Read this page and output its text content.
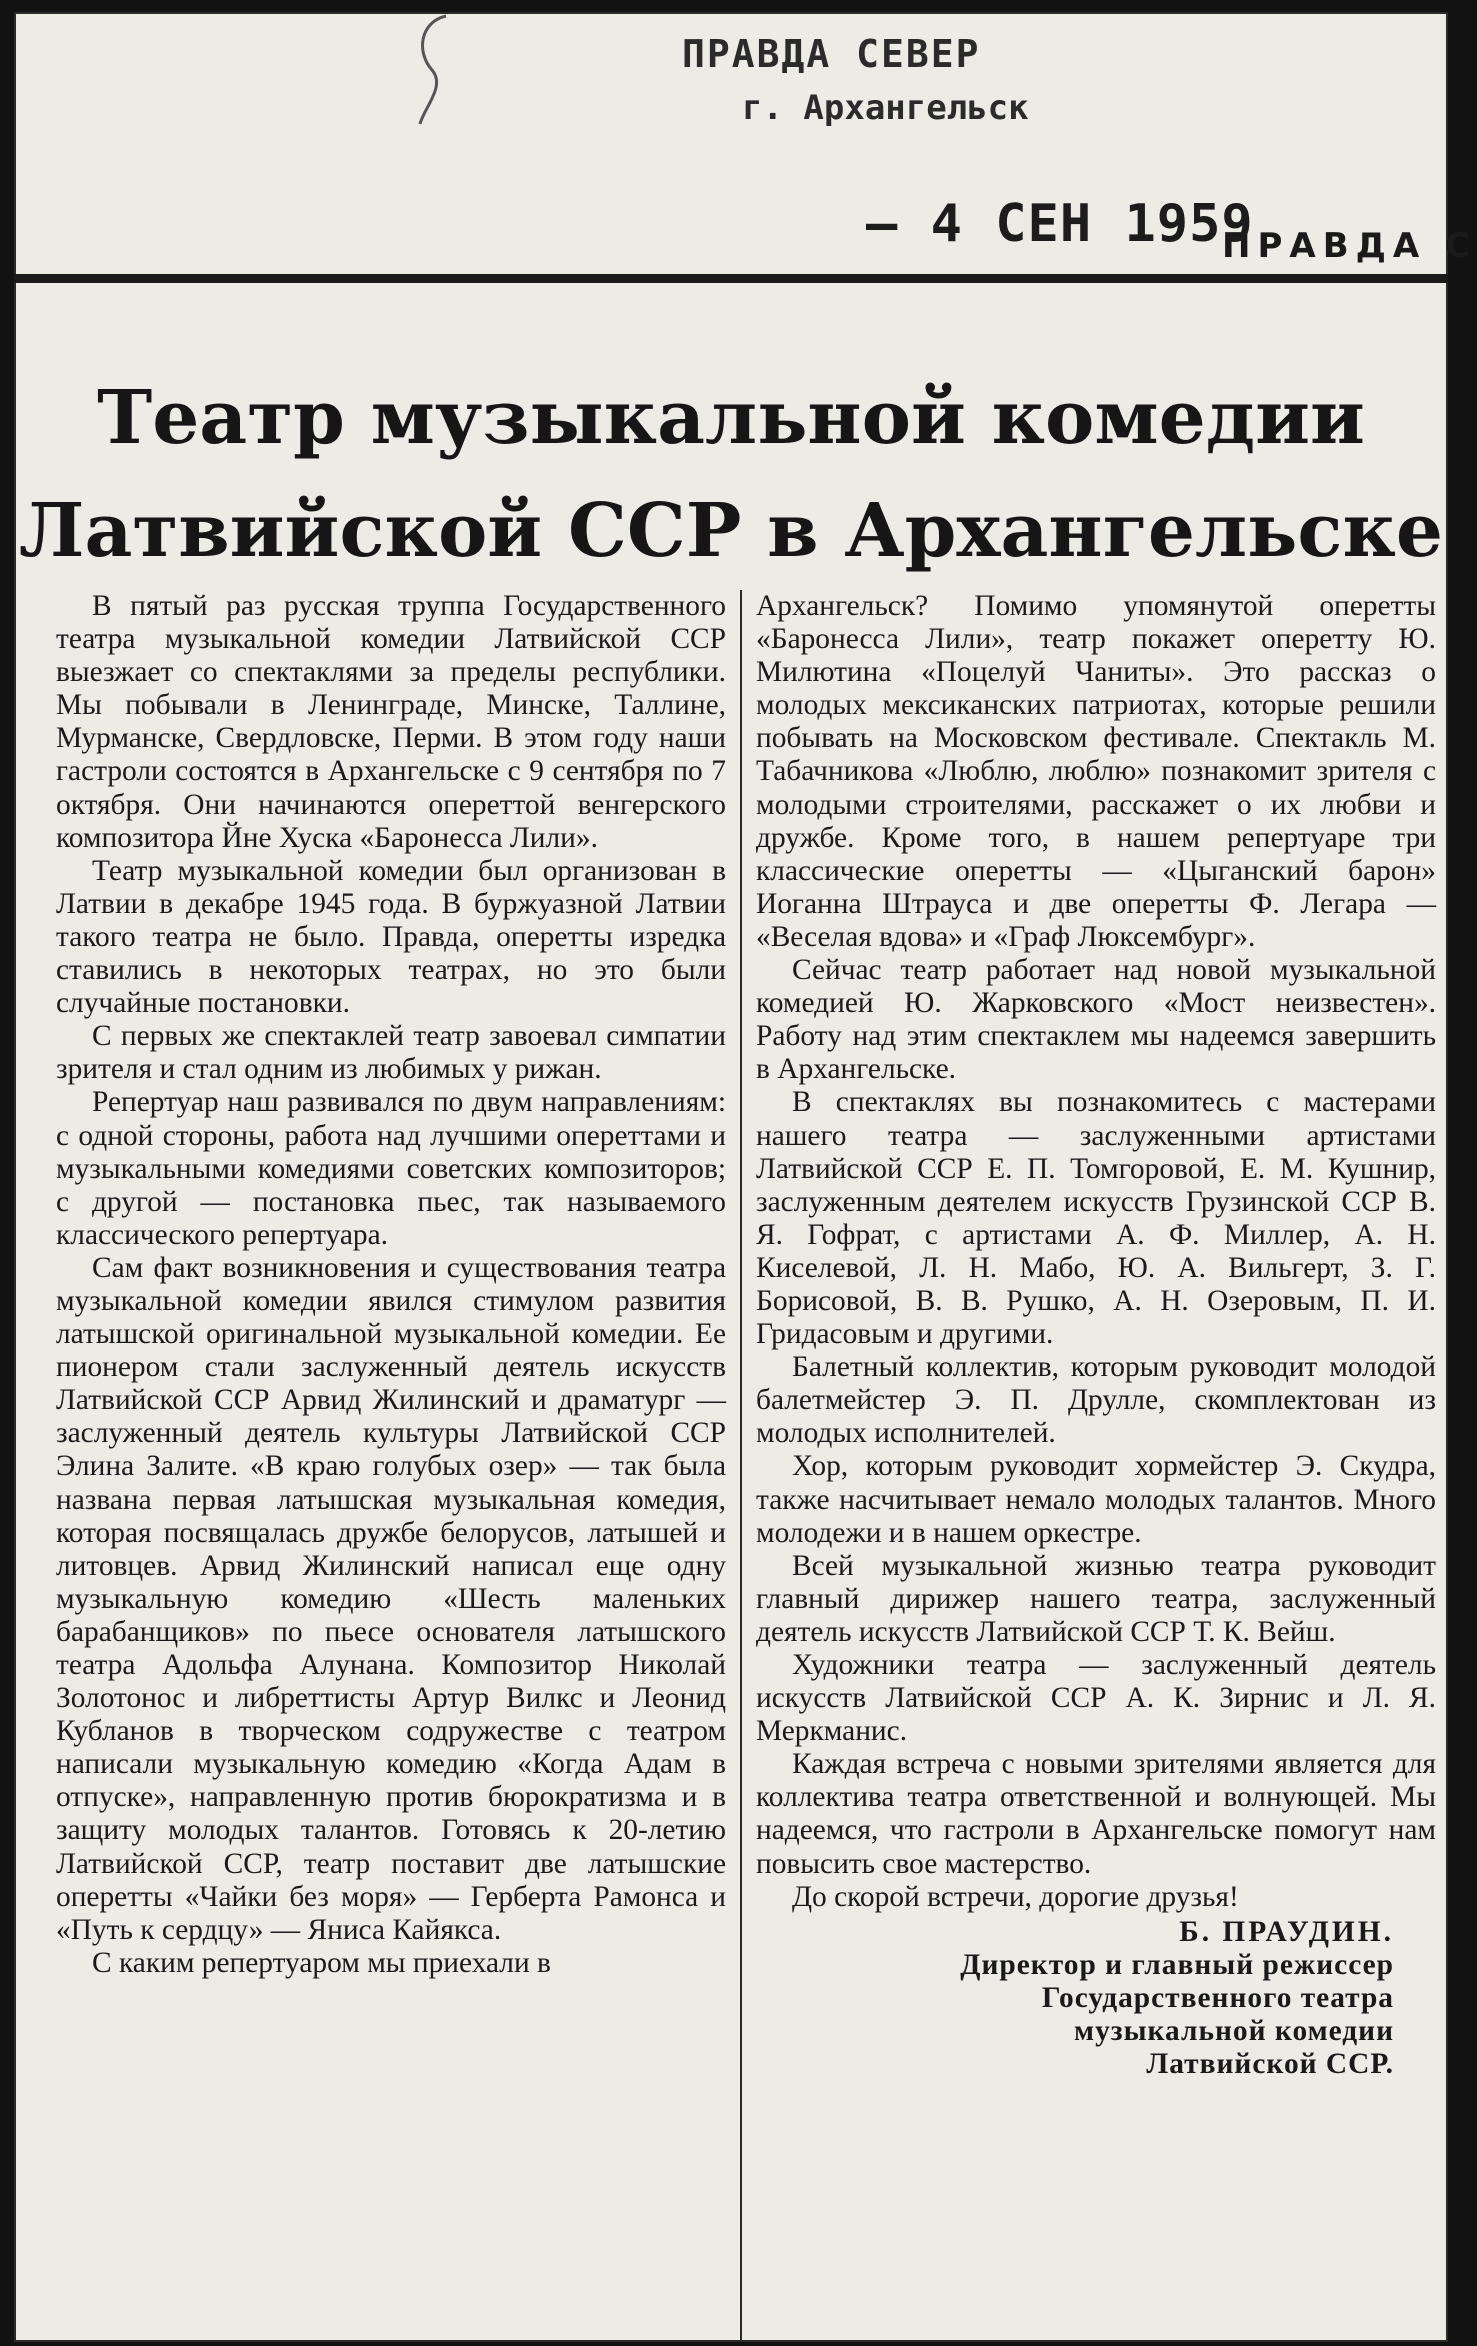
ПРАВДА СЕВЕР
г. Архангельск
— 4 СЕН 1959
ПРАВДА С
Театр музыкальной комедии
Латвийской ССР в Архангельске

В пятый раз русская труппа Государственного театра музыкальной комедии Латвийской ССР выезжает со спектаклями за пределы республики. Мы побывали в Ленинграде, Минске, Таллине, Мурманске, Свердловске, Перми. В этом году наши гастроли состоятся в Архангельске с 9 сентября по 7 октября. Они начинаются опереттой венгерского композитора Йне Хуска «Баронесса Лили».

Театр музыкальной комедии был организован в Латвии в декабре 1945 года. В буржуазной Латвии такого театра не было. Правда, оперетты изредка ставились в некоторых театрах, но это были случайные постановки.

С первых же спектаклей театр завоевал симпатии зрителя и стал одним из любимых у рижан.

Репертуар наш развивался по двум направлениям: с одной стороны, работа над лучшими опереттами и музыкальными комедиями советских композиторов; с другой — постановка пьес, так называемого классического репертуара.

Сам факт возникновения и существования театра музыкальной комедии явился стимулом развития латышской оригинальной музыкальной комедии. Ее пионером стали заслуженный деятель искусств Латвийской ССР Арвид Жилинский и драматург — заслуженный деятель культуры Латвийской ССР Элина Залите. «В краю голубых озер» — так была названа первая латышская музыкальная комедия, которая посвящалась дружбе белорусов, латышей и литовцев. Арвид Жилинский написал еще одну музыкальную комедию «Шесть маленьких барабанщиков» по пьесе основателя латышского театра Адольфа Алунана. Композитор Николай Золотонос и либреттисты Артур Вилкс и Леонид Кубланов в творческом содружестве с театром написали музыкальную комедию «Когда Адам в отпуске», направленную против бюрократизма и в защиту молодых талантов. Готовясь к 20-летию Латвийской ССР, театр поставит две латышские оперетты «Чайки без моря» — Герберта Рамонса и «Путь к сердцу» — Яниса Кайякса.

С каким репертуаром мы приехали в

Архангельск? Помимо упомянутой оперетты «Баронесса Лили», театр покажет оперетту Ю. Милютина «Поцелуй Чаниты». Это рассказ о молодых мексиканских патриотах, которые решили побывать на Московском фестивале. Спектакль М. Табачникова «Люблю, люблю» познакомит зрителя с молодыми строителями, расскажет о их любви и дружбе. Кроме того, в нашем репертуаре три классические оперетты — «Цыганский барон» Иоганна Штрауса и две оперетты Ф. Легара — «Веселая вдова» и «Граф Люксембург».

Сейчас театр работает над новой музыкальной комедией Ю. Жарковского «Мост неизвестен». Работу над этим спектаклем мы надеемся завершить в Архангельске.

В спектаклях вы познакомитесь с мастерами нашего театра — заслуженными артистами Латвийской ССР Е. П. Томгоровой, Е. М. Кушнир, заслуженным деятелем искусств Грузинской ССР В. Я. Гофрат, с артистами А. Ф. Миллер, А. Н. Киселевой, Л. Н. Мабо, Ю. А. Вильгерт, З. Г. Борисовой, В. В. Рушко, А. Н. Озеровым, П. И. Гридасовым и другими.

Балетный коллектив, которым руководит молодой балетмейстер Э. П. Друлле, скомплектован из молодых исполнителей.

Хор, которым руководит хормейстер Э. Скудра, также насчитывает немало молодых талантов. Много молодежи и в нашем оркестре.

Всей музыкальной жизнью театра руководит главный дирижер нашего театра, заслуженный деятель искусств Латвийской ССР Т. К. Вейш.

Художники театра — заслуженный деятель искусств Латвийской ССР А. К. Зирнис и Л. Я. Меркманис.

Каждая встреча с новыми зрителями является для коллектива театра ответственной и волнующей. Мы надеемся, что гастроли в Архангельске помогут нам повысить свое мастерство.

До скорой встречи, дорогие друзья!

Б. ПРАУДИН.
Директор и главный режиссер
Государственного театра
музыкальной комедии
Латвийской ССР.
